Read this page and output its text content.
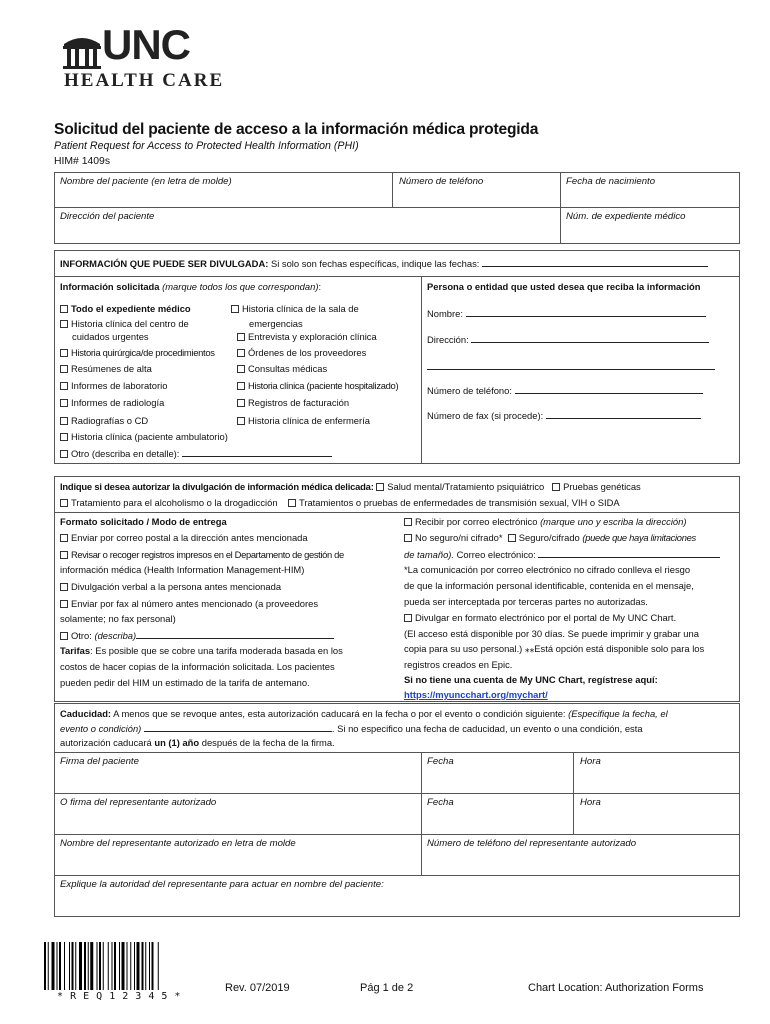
UNC
HEALTH CARE
Solicitud del paciente de acceso a la información médica protegida
Patient Request for Access to Protected Health Information (PHI)
HIM# 1409s
Nombre del paciente (en letra de molde)	Número de teléfono	Fecha de nacimiento
Dirección del paciente	Núm. de expediente médico
INFORMACIÓN QUE PUEDE SER DIVULGADA: Si solo son fechas específicas, indique las fechas:
Información solicitada (marque todos los que correspondan):
Todo el expediente médico
Historia clínica del centro de
cuidados urgentes
Historia quirúrgica/de procedimientos
Resúmenes de alta
Informes de laboratorio
Informes de radiología
Radiografías o CD
Historia clínica (paciente ambulatorio)
Otro (describa en detalle):
Historia clínica de la sala de
emergencias
Entrevista y exploración clínica
Órdenes de los proveedores
Consultas médicas
Historia clínica (paciente hospitalizado)
Registros de facturación
Historia clínica de enfermería
Persona o entidad que usted desea que reciba la información
Nombre:
Dirección:
Número de teléfono:
Número de fax (si procede):
Indique si desea autorizar la divulgación de información médica delicada: Salud mental/Tratamiento psiquiátrico Pruebas genéticas
Tratamiento para el alcoholismo o la drogadicción Tratamientos o pruebas de enfermedades de transmisión sexual, VIH o SIDA
Formato solicitado / Modo de entrega
Enviar por correo postal a la dirección antes mencionada
Revisar o recoger registros impresos en el Departamento de gestión de
información médica (Health Information Management-HIM)
Divulgación verbal a la persona antes mencionada
Enviar por fax al número antes mencionado (a proveedores
solamente; no fax personal)
Otro: (describa)
Tarifas: Es posible que se cobre una tarifa moderada basada en los
costos de hacer copias de la información solicitada. Los pacientes
pueden pedir del HIM un estimado de la tarifa de antemano.
Recibir por correo electrónico (marque uno y escriba la dirección)
No seguro/ni cifrado* Seguro/cifrado (puede que haya limitaciones
de tamaño). Correo electrónico:
*La comunicación por correo electrónico no cifrado conlleva el riesgo
de que la información personal identificable, contenida en el mensaje,
pueda ser interceptada por terceras partes no autorizadas.
Divulgar en formato electrónico por el portal de My UNC Chart.
(El acceso está disponible por 30 días. Se puede imprimir y grabar una
copia para su uso personal.) ⁎⁎Está opción está disponible solo para los
registros creados en Epic.
Si no tiene una cuenta de My UNC Chart, regístrese aquí:
https://myuncchart.org/mychart/
Caducidad: A menos que se revoque antes, esta autorización caducará en la fecha o por el evento o condición siguiente: (Especifique la fecha, el
evento o condición)	. Si no especifico una fecha de caducidad, un evento o una condición, esta
autorización caducará un (1) año después de la fecha de la firma.
Firma del paciente	Fecha	Hora
O firma del representante autorizado	Fecha	Hora
Nombre del representante autorizado en letra de molde	Número de teléfono del representante autorizado
Explique la autoridad del representante para actuar en nombre del paciente:
* R E Q 1 2 3 4 5 *
Rev. 07/2019	Pág 1 de 2	Chart Location: Authorization Forms
